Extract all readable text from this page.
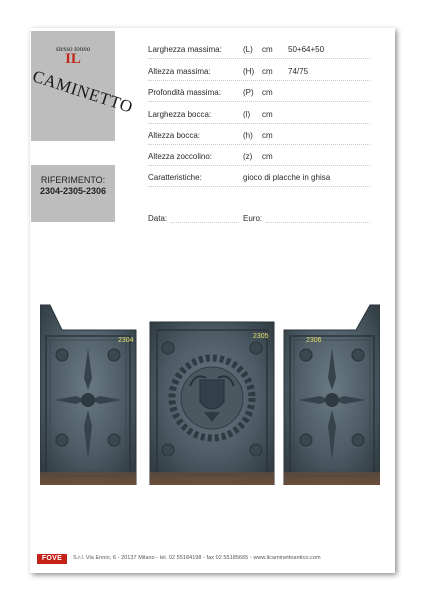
stesso tonno
IL
CAMINETTO
RIFERIMENTO:
2304-2305-2306
Larghezza massima:	(L) cm 50+64+50
Altezza massima:	(H) cm 74/75
Profondità massima:	(P) cm
Larghezza bocca:	(l) cm
Altezza bocca:	(h) cm
Altezza zoccolino:	(z) cm
Caratteristiche:	gioco di placche in ghisa
Data:	Euro:
2304
2305
2306
FOVE	S.r.l. Via Ennio, 6 - 20137 Milano - tel. 02 55184198 - fax 02 55185665 - www.ilcaminettoantico.com
